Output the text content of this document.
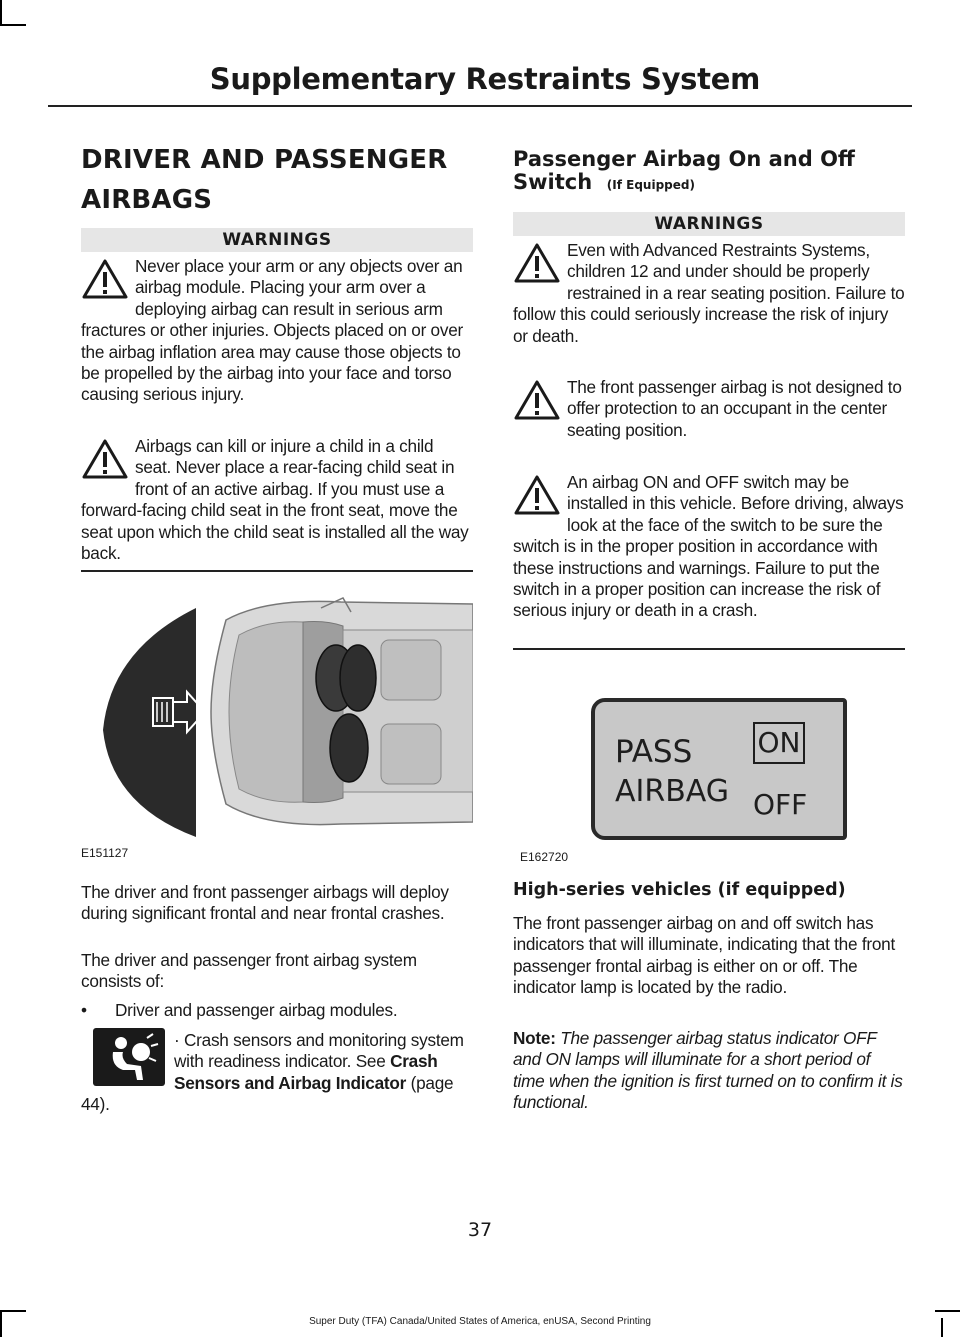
Supplementary Restraints System
DRIVER AND PASSENGER
AIRBAGS
WARNINGS
Never place your arm or any objects over an airbag module. Placing your arm over a deploying airbag can result in serious arm fractures or other injuries. Objects placed on or over the airbag inflation area may cause those objects to be propelled by the airbag into your face and torso causing serious injury.
Airbags can kill or injure a child in a child seat. Never place a rear-facing child seat in front of an active airbag. If you must use a forward-facing child seat in the front seat, move the seat upon which the child seat is installed all the way back.
E151127
The driver and front passenger airbags will deploy during significant frontal and near frontal crashes.
The driver and passenger front airbag system consists of:
• Driver and passenger airbag modules.
· Crash sensors and monitoring system with readiness indicator. See Crash Sensors and Airbag Indicator (page 44).
Passenger Airbag On and Off
Switch (If Equipped)
WARNINGS
Even with Advanced Restraints Systems, children 12 and under should be properly restrained in a rear seating position. Failure to follow this could seriously increase the risk of injury or death.
The front passenger airbag is not designed to offer protection to an occupant in the center seating position.
An airbag ON and OFF switch may be installed in this vehicle. Before driving, always look at the face of the switch to be sure the switch is in the proper position in accordance with these instructions and warnings. Failure to put the switch in a proper position can increase the risk of serious injury or death in a crash.
PASS
AIRBAG
ON
OFF
E162720
High-series vehicles (if equipped)
The front passenger airbag on and off switch has indicators that will illuminate, indicating that the front passenger frontal airbag is either on or off. The indicator lamp is located by the radio.
Note: The passenger airbag status indicator OFF and ON lamps will illuminate for a short period of time when the ignition is first turned on to confirm it is functional.
37
Super Duty (TFA) Canada/United States of America, enUSA, Second Printing
